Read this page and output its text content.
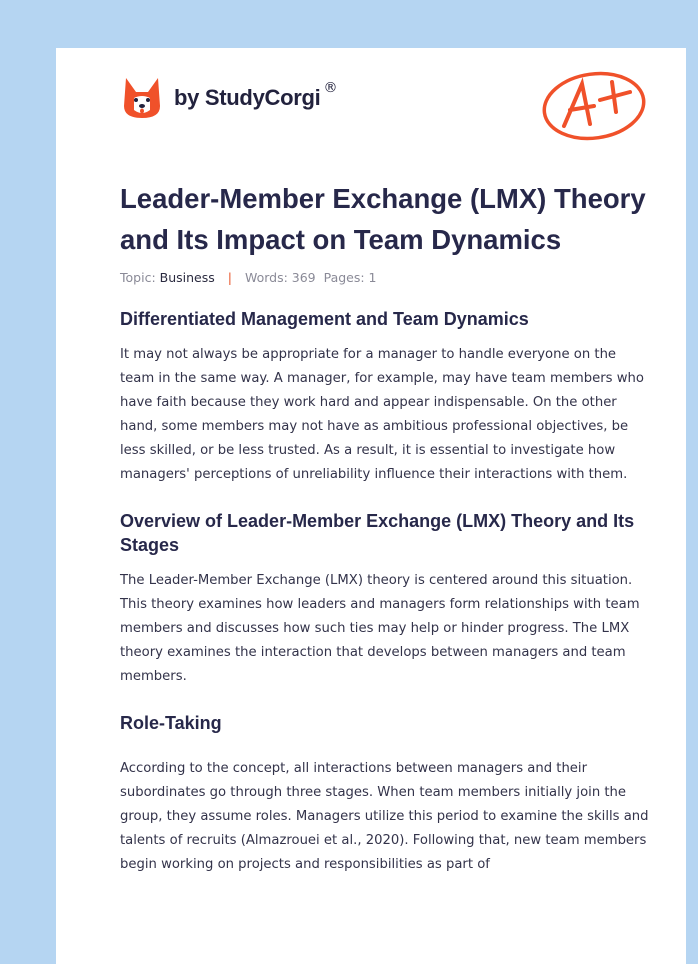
by StudyCorgi ®
Leader-Member Exchange (LMX) Theory and Its Impact on Team Dynamics
Topic: Business | Words: 369 Pages: 1
Differentiated Management and Team Dynamics

It may not always be appropriate for a manager to handle everyone on the team in the same way. A manager, for example, may have team members who have faith because they work hard and appear indispensable. On the other hand, some members may not have as ambitious professional objectives, be less skilled, or be less trusted. As a result, it is essential to investigate how managers' perceptions of unreliability influence their interactions with them.

Overview of Leader-Member Exchange (LMX) Theory and Its Stages

The Leader-Member Exchange (LMX) theory is centered around this situation. This theory examines how leaders and managers form relationships with team members and discusses how such ties may help or hinder progress. The LMX theory examines the interaction that develops between managers and team members.

Role-Taking

According to the concept, all interactions between managers and their subordinates go through three stages. When team members initially join the group, they assume roles. Managers utilize this period to examine the skills and talents of recruits (Almazrouei et al., 2020). Following that, new team members begin working on projects and responsibilities as part of
